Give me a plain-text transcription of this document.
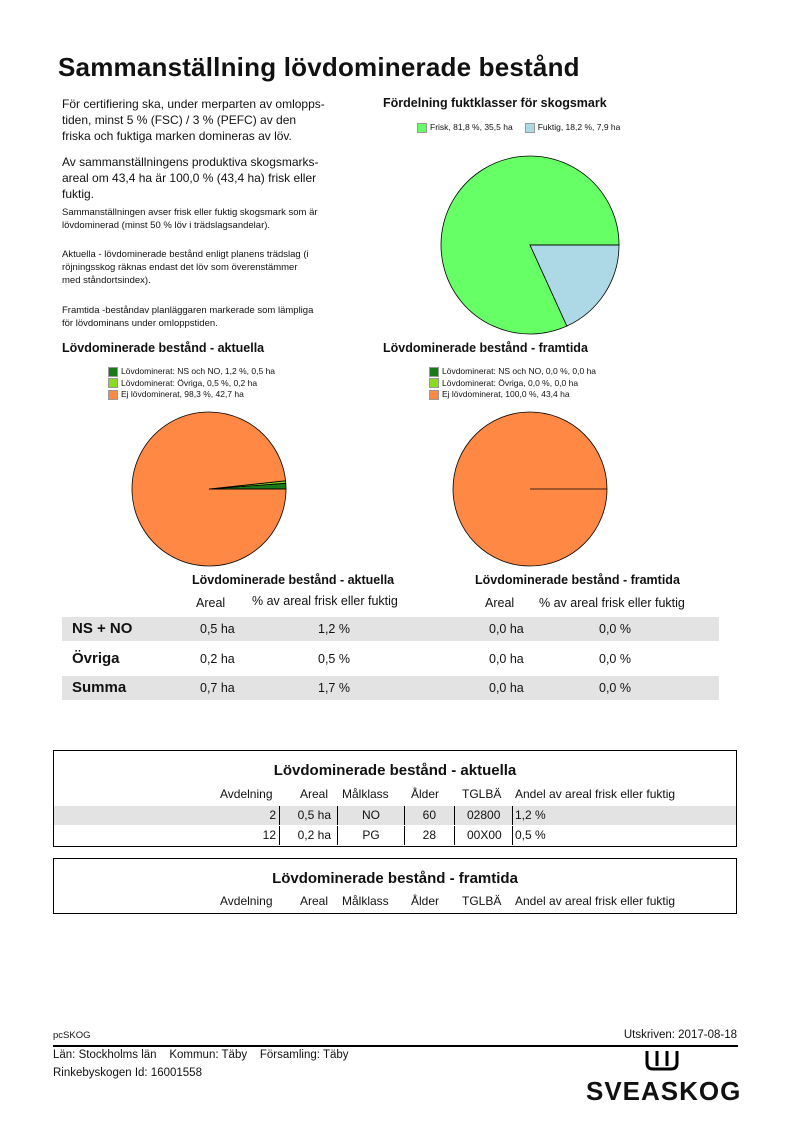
Sammanställning lövdominerade bestånd
För certifiering ska, under merparten av omlopps-
tiden, minst 5 % (FSC) / 3 % (PEFC) av den
friska och fuktiga marken domineras av löv.
Av sammanställningens produktiva skogsmarks-
areal om 43,4 ha är 100,0 % (43,4 ha) frisk eller
fuktig.
Sammanställningen avser frisk eller fuktig skogsmark som är
lövdominerad (minst 50 % löv i trädslagsandelar).
Aktuella - lövdominerade bestånd enligt planens trädslag (i
röjningsskog räknas endast det löv som överenstämmer
med ståndortsindex).
Framtida -beståndav planläggaren markerade som lämpliga
för lövdominans under omloppstiden.
Fördelning fuktklasser för skogsmark
Frisk, 81,8 %, 35,5 ha	Fuktig, 18,2 %, 7,9 ha
Lövdominerade bestånd - aktuella
Lövdominerat: NS och NO, 1,2 %, 0,5 ha
Lövdominerat: Övriga, 0,5 %, 0,2 ha
Ej lövdominerat, 98,3 %, 42,7 ha
Lövdominerade bestånd - framtida
Lövdominerat: NS och NO, 0,0 %, 0,0 ha
Lövdominerat: Övriga, 0,0 %, 0,0 ha
Ej lövdominerat, 100,0 %, 43,4 ha
Lövdominerade bestånd - aktuella	Lövdominerade bestånd - framtida
Areal % av areal frisk eller fuktig	Areal % av areal frisk eller fuktig
NS + NO	0,5 ha	1,2 %	0,0 ha	0,0 %
Övriga	0,2 ha	0,5 %	0,0 ha	0,0 %
Summa	0,7 ha	1,7 %	0,0 ha	0,0 %
Lövdominerade bestånd - aktuella
Avdelning Areal Målklass Ålder TGLBÄ Andel av areal frisk eller fuktig
2 0,5 ha	NO	60	02800 1,2 %
12 0,2 ha	PG	28	00X00 0,5 %
Lövdominerade bestånd - framtida
Avdelning Areal Målklass Ålder TGLBÄ Andel av areal frisk eller fuktig
pcSKOG	Utskriven: 2017-08-18
Län: Stockholms län    Kommun: Täby    Församling: Täby
Rinkebyskogen Id: 16001558
SVEASKOG
